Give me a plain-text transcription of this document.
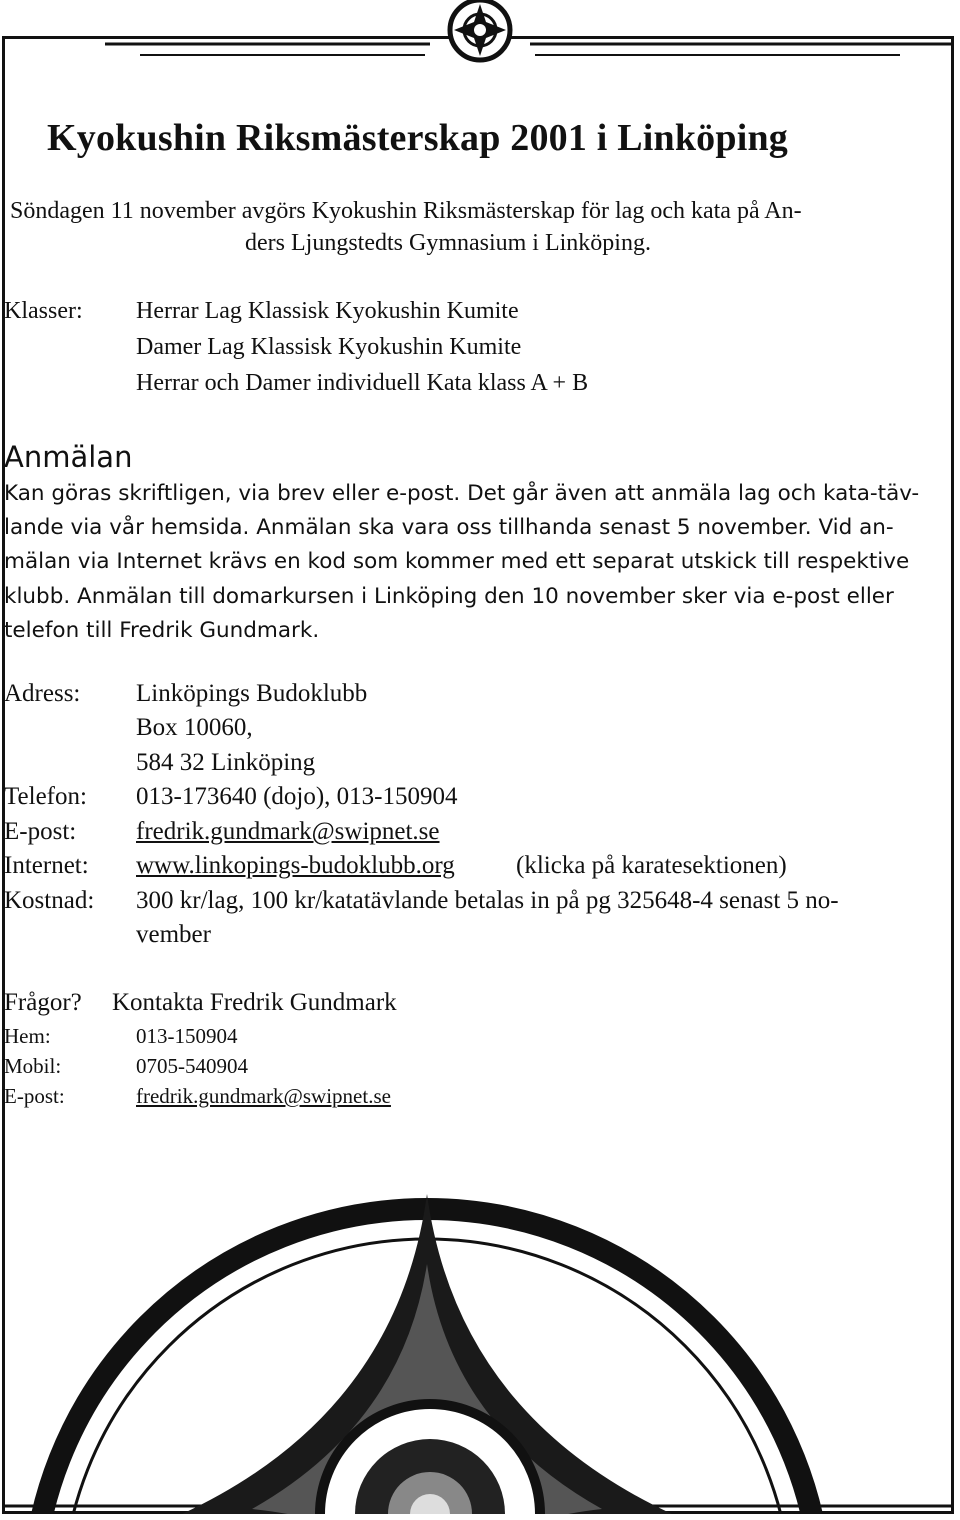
Kyokushin Riksmästerskap 2001 i Linköping
Söndagen 11 november avgörs Kyokushin Riksmästerskap för lag och kata på An-
ders Ljungstedts Gymnasium i Linköping.
Klasser: Herrar Lag Klassisk Kyokushin Kumite
Damer Lag Klassisk Kyokushin Kumite
Herrar och Damer individuell Kata klass A + B
Anmälan
Kan göras skriftligen, via brev eller e-post. Det går även att anmäla lag och kata-täv-
lande via vår hemsida. Anmälan ska vara oss tillhanda senast 5 november. Vid an-
mälan via Internet krävs en kod som kommer med ett separat utskick till respektive
klubb. Anmälan till domarkursen i Linköping den 10 november sker via e-post eller
telefon till Fredrik Gundmark.
Adress: Linköpings Budoklubb
Box 10060,
584 32 Linköping
Telefon: 013-173640 (dojo), 013-150904
E-post: fredrik.gundmark@swipnet.se
Internet: www.linkopings-budoklubb.org (klicka på karatesektionen)
Kostnad: 300 kr/lag, 100 kr/katatävlande betalas in på pg 325648-4 senast 5 no-
vember
Frågor? Kontakta Fredrik Gundmark
Hem:	013-150904
Mobil:	0705-540904
E-post:	fredrik.gundmark@swipnet.se
